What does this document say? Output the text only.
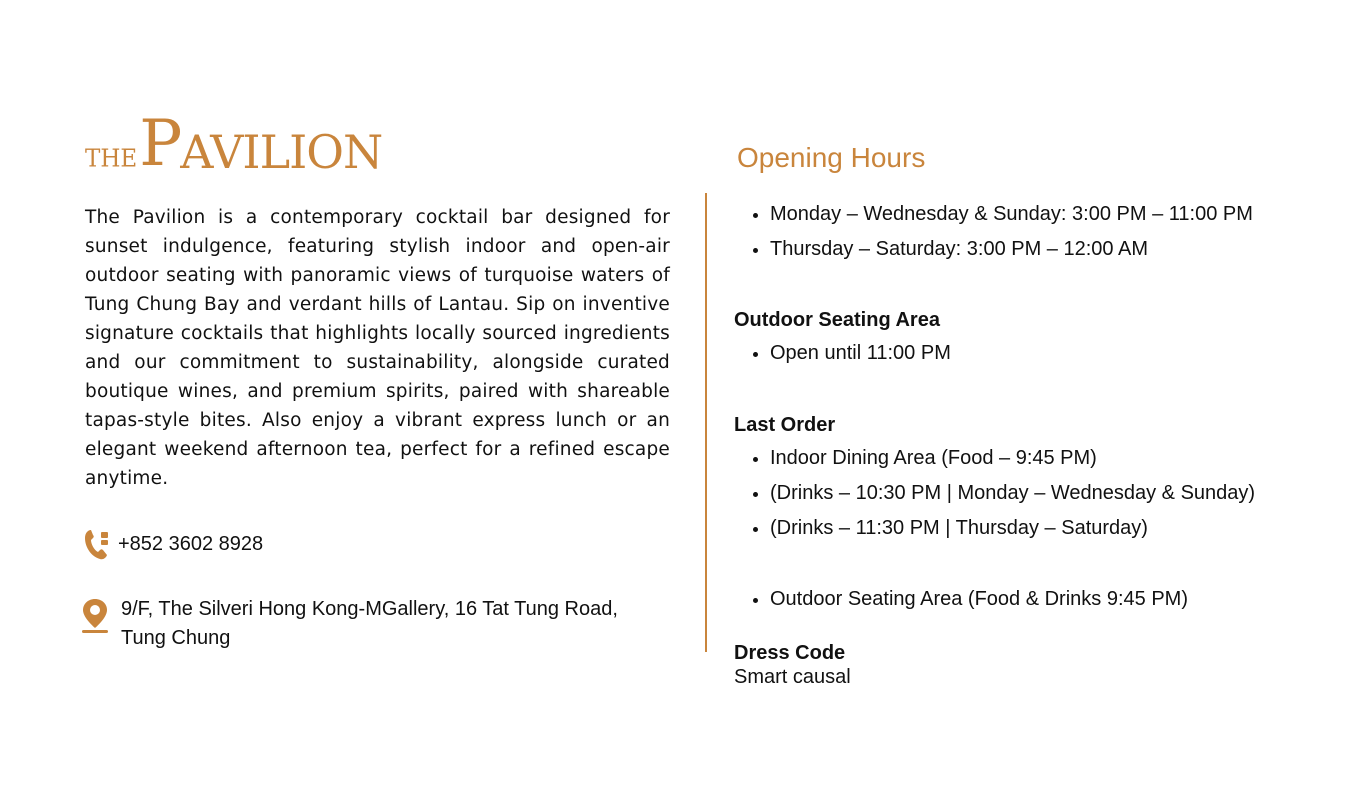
THE P
AVILION

The Pavilion is a contemporary cocktail bar designed for sunset indulgence, featuring stylish indoor and open-air outdoor seating with panoramic views of turquoise waters of Tung Chung Bay and verdant hills of Lantau. Sip on inventive signature cocktails that highlights locally sourced ingredients and our commitment to sustainability, alongside curated boutique wines, and premium spirits, paired with shareable tapas-style bites. Also enjoy a vibrant express lunch or an elegant weekend afternoon tea, perfect for a refined escape anytime.

+852 3602 8928
9/F, The Silveri Hong Kong-MGallery, 16 Tat Tung Road,
Tung Chung
Opening Hours
Monday – Wednesday & Sunday: 3:00 PM – 11:00 PM
Thursday – Saturday: 3:00 PM – 12:00 AM

Outdoor Seating Area

Open until 11:00 PM

Last Order

Indoor Dining Area (Food – 9:45 PM)
(Drinks – 10:30 PM | Monday – Wednesday & Sunday)
(Drinks – 11:30 PM | Thursday – Saturday)
Outdoor Seating Area (Food & Drinks 9:45 PM)

Dress Code

Smart causal
